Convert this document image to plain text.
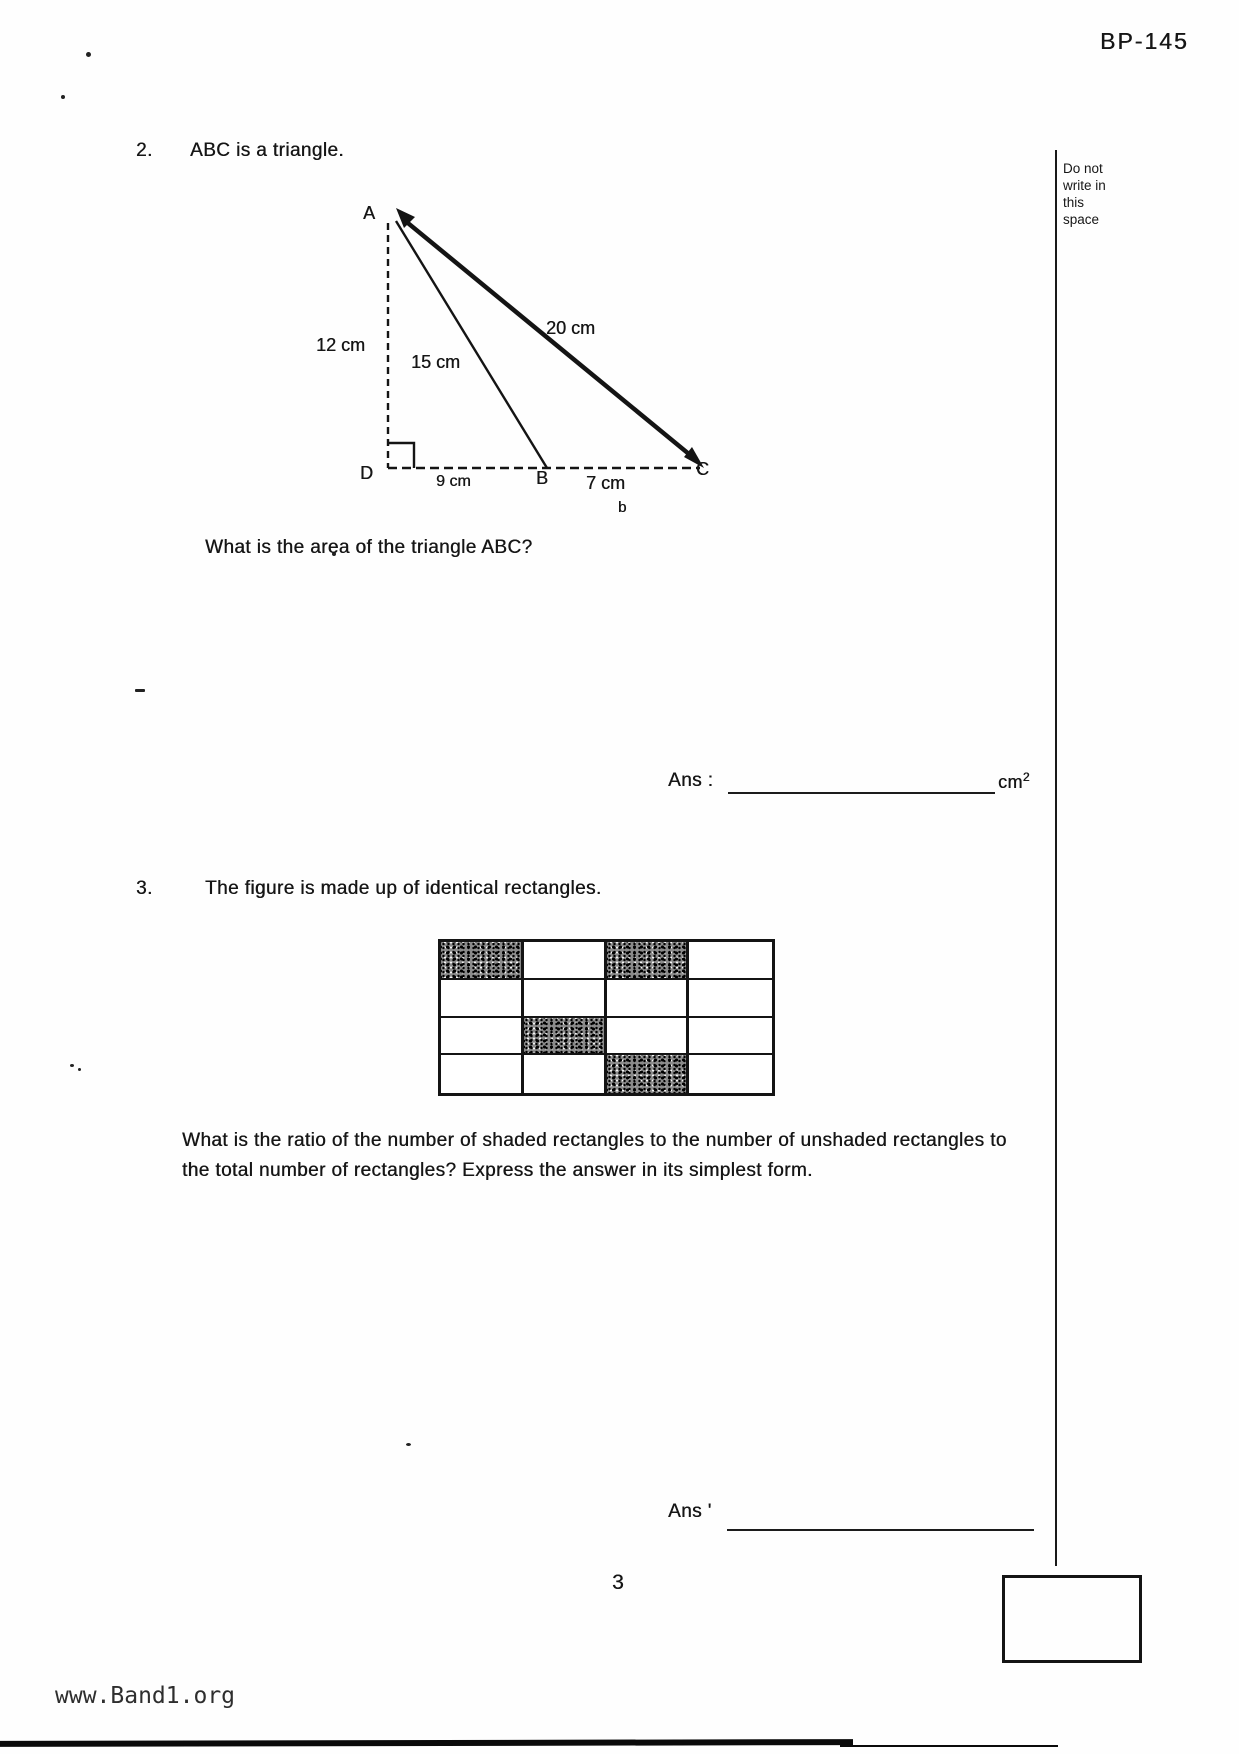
BP-145
Do not
write in
this
space
2. ABC is a triangle.
A
12 cm
15 cm
20 cm
D	9 cm	B 7 cm
C
b
What is the area of the triangle ABC?
Ans :	$cm^2$
3.	The figure is made up of identical rectangles.
What is the ratio of the number of shaded rectangles to the number of unshaded rectangles to the total number of rectangles? Express the answer in its simplest form.
Ans '
3
www.Band1.org
